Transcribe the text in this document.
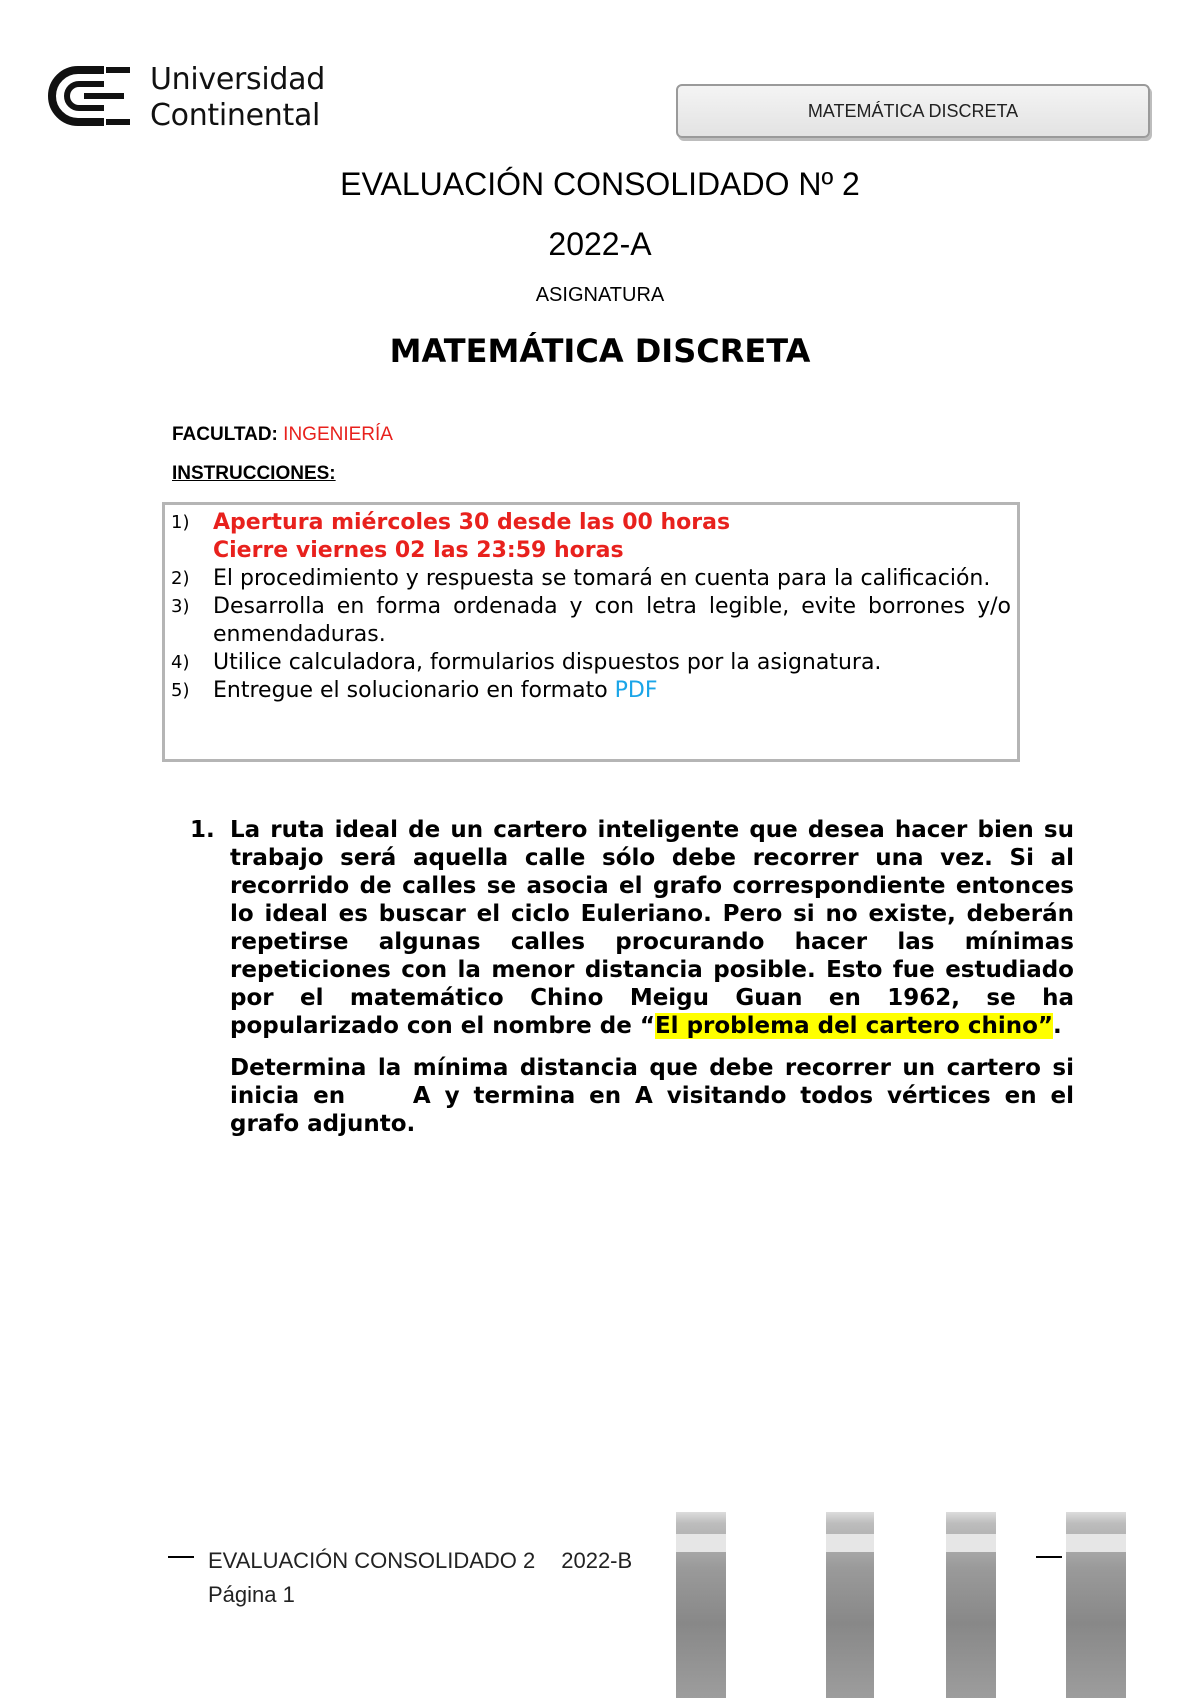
Universidad
Continental	MATEMÁTICA DISCRETA
EVALUACIÓN CONSOLIDADO Nº 2
2022-A
ASIGNATURA
MATEMÁTICA DISCRETA
FACULTAD: INGENIERÍA
INSTRUCCIONES:
1) Apertura miércoles 30 desde las 00 horas
Cierre viernes 02 las 23:59 horas
2) El procedimiento y respuesta se tomará en cuenta para la calificación.
3) Desarrolla en forma ordenada y con letra legible, evite borrones y/o enmendaduras.
4) Utilice calculadora, formularios dispuestos por la asignatura.
5) Entregue el solucionario en formato PDF
1. La ruta ideal de un cartero inteligente que desea hacer bien su trabajo será aquella calle sólo debe recorrer una vez. Si al recorrido de calles se asocia el grafo correspondiente entonces lo ideal es buscar el ciclo Euleriano. Pero si no existe, deberán repetirse algunas calles procurando hacer las mínimas repeticiones con la menor distancia posible. Esto fue estudiado por el matemático Chino Meigu Guan en 1962, se ha popularizado con el nombre de “El problema del cartero chino”.
Determina la mínima distancia que debe recorrer un cartero si inicia en  A y termina en A visitando todos vértices en el grafo adjunto.
EVALUACIÓN CONSOLIDADO 2 2022-B
Página 1
